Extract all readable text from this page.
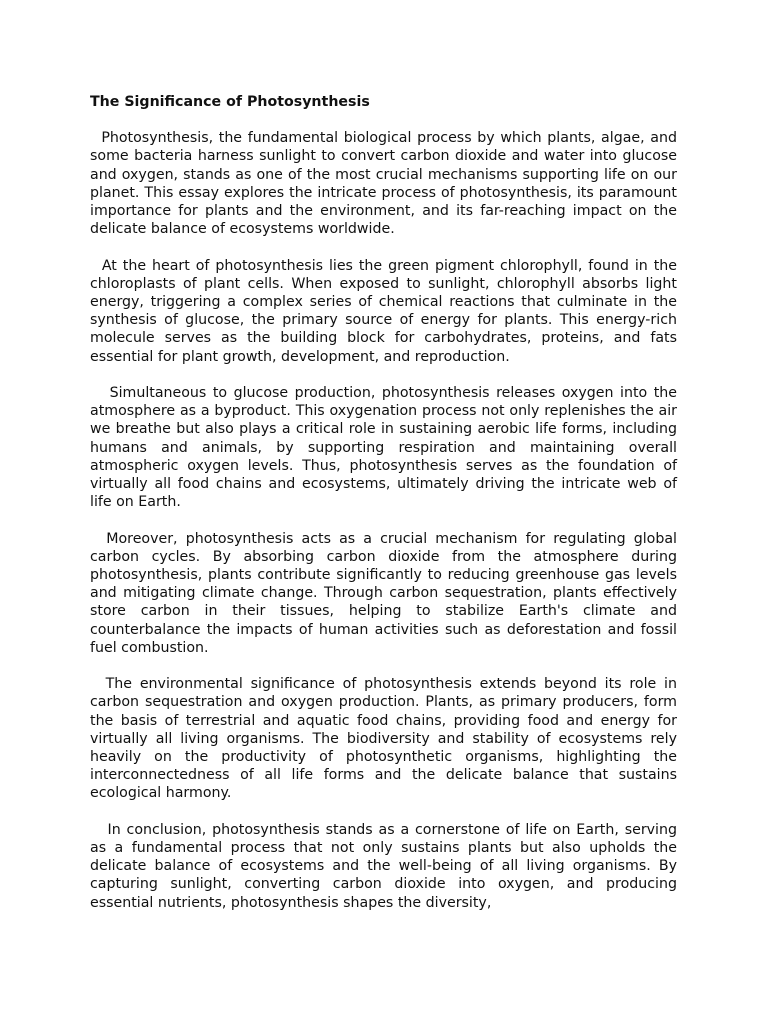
The Significance of Photosynthesis

Photosynthesis, the fundamental biological process by which plants, algae, and some bacteria harness sunlight to convert carbon dioxide and water into glucose and oxygen, stands as one of the most crucial mechanisms supporting life on our planet. This essay explores the intricate process of photosynthesis, its paramount importance for plants and the environment, and its far-reaching impact on the delicate balance of ecosystems worldwide.

At the heart of photosynthesis lies the green pigment chlorophyll, found in the chloroplasts of plant cells. When exposed to sunlight, chlorophyll absorbs light energy, triggering a complex series of chemical reactions that culminate in the synthesis of glucose, the primary source of energy for plants. This energy-rich molecule serves as the building block for carbohydrates, proteins, and fats essential for plant growth, development, and reproduction.

Simultaneous to glucose production, photosynthesis releases oxygen into the atmosphere as a byproduct. This oxygenation process not only replenishes the air we breathe but also plays a critical role in sustaining aerobic life forms, including humans and animals, by supporting respiration and maintaining overall atmospheric oxygen levels. Thus, photosynthesis serves as the foundation of virtually all food chains and ecosystems, ultimately driving the intricate web of life on Earth.

Moreover, photosynthesis acts as a crucial mechanism for regulating global carbon cycles. By absorbing carbon dioxide from the atmosphere during photosynthesis, plants contribute significantly to reducing greenhouse gas levels and mitigating climate change. Through carbon sequestration, plants effectively store carbon in their tissues, helping to stabilize Earth's climate and counterbalance the impacts of human activities such as deforestation and fossil fuel combustion.

The environmental significance of photosynthesis extends beyond its role in carbon sequestration and oxygen production. Plants, as primary producers, form the basis of terrestrial and aquatic food chains, providing food and energy for virtually all living organisms. The biodiversity and stability of ecosystems rely heavily on the productivity of photosynthetic organisms, highlighting the interconnectedness of all life forms and the delicate balance that sustains ecological harmony.

In conclusion, photosynthesis stands as a cornerstone of life on Earth, serving as a fundamental process that not only sustains plants but also upholds the delicate balance of ecosystems and the well-being of all living organisms. By capturing sunlight, converting carbon dioxide into oxygen, and producing essential nutrients, photosynthesis shapes the diversity,
